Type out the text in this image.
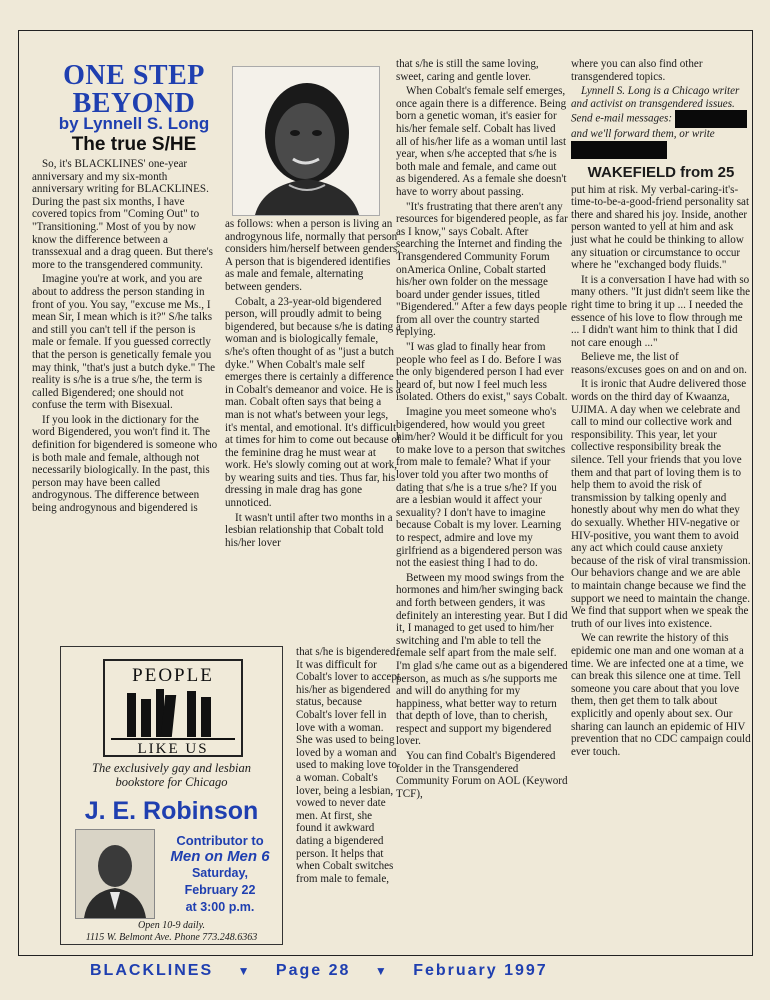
ONE STEP BEYOND
by Lynnell S. Long
The true S/HE

So, it's BLACKLINES' one-year anniversary and my six-month anniversary writing for BLACKLINES. During the past six months, I have covered topics from "Coming Out" to "Transitioning." Most of you by now know the difference between a transsexual and a drag queen. But there's more to the transgendered community.

Imagine you're at work, and you are about to address the person standing in front of you. You say, "excuse me Ms., I mean Sir, I mean which is it?" S/he talks and still you can't tell if the person is male or female. If you guessed correctly that the person is genetically female you may think, "that's just a butch dyke." The reality is s/he is a true s/he, the term is called Bigendered; one should not confuse the term with Bisexual.

If you look in the dictionary for the word Bigendered, you won't find it. The definition for bigendered is someone who is both male and female, although not necessarily biologically. In the past, this person may have been called androgynous. The difference between being androgynous and bigendered is

as follows: when a person is living an androgynous life, normally that person considers him/herself between genders. A person that is bigendered identifies as male and female, alternating between genders.

Cobalt, a 23-year-old bigendered person, will proudly admit to being bigendered, but because s/he is dating a woman and is biologically female, s/he's often thought of as "just a butch dyke." When Cobalt's male self emerges there is certainly a difference in Cobalt's demeanor and voice. He is a man. Cobalt often says that being a man is not what's between your legs, it's mental, and emotional. It's difficult at times for him to come out because of the feminine drag he must wear at work. He's slowly coming out at work, by wearing suits and ties. Thus far, his dressing in male drag has gone unnoticed.

It wasn't until after two months in a lesbian relationship that Cobalt told his/her lover

that s/he is bigendered. It was difficult for Cobalt's lover to accept his/her as bigendered status, because Cobalt's lover fell in love with a woman. She was used to being loved by a woman and used to making love to a woman. Cobalt's lover, being a lesbian, vowed to never date men. At first, she found it awkward dating a bigendered person. It helps that when Cobalt switches from male to female,

that s/he is still the same loving, sweet, caring and gentle lover.

When Cobalt's female self emerges, once again there is a difference. Being born a genetic woman, it's easier for his/her female self. Cobalt has lived all of his/her life as a woman until last year, when s/he accepted that s/he is both male and female, and came out as bigendered. As a female she doesn't have to worry about passing.

"It's frustrating that there aren't any resources for bigendered people, as far as I know," says Cobalt. After searching the Internet and finding the Transgendered Community Forum onAmerica Online, Cobalt started his/her own folder on the message board under gender issues, titled "Bigendered." After a few days people from all over the country started replying.

"I was glad to finally hear from people who feel as I do. Before I was the only bigendered person I had ever heard of, but now I feel much less isolated. Others do exist," says Cobalt.

Imagine you meet someone who's bigendered, how would you greet him/her? Would it be difficult for you to make love to a person that switches from male to female? What if your lover told you after two months of dating that s/he is a true s/he? If you are a lesbian would it affect your sexuality? I don't have to imagine because Cobalt is my lover. Learning to respect, admire and love my girlfriend as a bigendered person was not the easiest thing I had to do.

Between my mood swings from the hormones and him/her swinging back and forth between genders, it was definitely an interesting year. But I did it, I managed to get used to him/her switching and I'm able to tell the female self apart from the male self. I'm glad s/he came out as a bigendered person, as much as s/he supports me and will do anything for my happiness, what better way to return that depth of love, than to cherish, respect and support my bigendered lover.

You can find Cobalt's Bigendered folder in the Transgendered Community Forum on AOL (Keyword TCF),

where you can also find other transgendered topics.

Lynnell S. Long is a Chicago writer and activist on transgendered issues. Send e-mail messages:  and we'll forward them, or write

WAKEFIELD from 25

put him at risk. My verbal-caring-it's-time-to-be-a-good-friend personality sat there and shared his joy. Inside, another person wanted to yell at him and ask just what he could be thinking to allow any situation or circumstance to occur where he "exchanged body fluids."

It is a conversation I have had with so many others. "It just didn't seem like the right time to bring it up ... I needed the essence of his love to flow through me ... I didn't want him to think that I did not care enough ..."

Believe me, the list of reasons/excuses goes on and on and on.

It is ironic that Audre delivered those words on the third day of Kwaanza, UJIMA. A day when we celebrate and call to mind our collective work and responsibility. This year, let your collective responsibility break the silence. Tell your friends that you love them and that part of loving them is to help them to avoid the risk of transmission by talking openly and honestly about why men do what they do sexually. Whether HIV-negative or HIV-positive, you want them to avoid any act which could cause anxiety because of the risk of viral transmission. Our behaviors change and we are able to maintain change because we find the support we need to maintain the change. We find that support when we speak the truth of our lives into existence.

We can rewrite the history of this epidemic one man and one woman at a time. We are infected one at a time, we can break this silence one at time. Tell someone you care about that you love them, then get them to talk about explicitly and openly about sex. Our sharing can launch an epidemic of HIV prevention that no CDC campaign could ever touch.

PEOPLE
LIKE US
The exclusively gay and lesbian bookstore for Chicago
J. E. Robinson
Contributor to
Men on Men 6
Saturday,
February 22
at 3:00 p.m.
Open 10-9 daily.
1115 W. Belmont Ave. Phone 773.248.6363
BLACKLINES ▼ Page 28 ▼ February 1997
